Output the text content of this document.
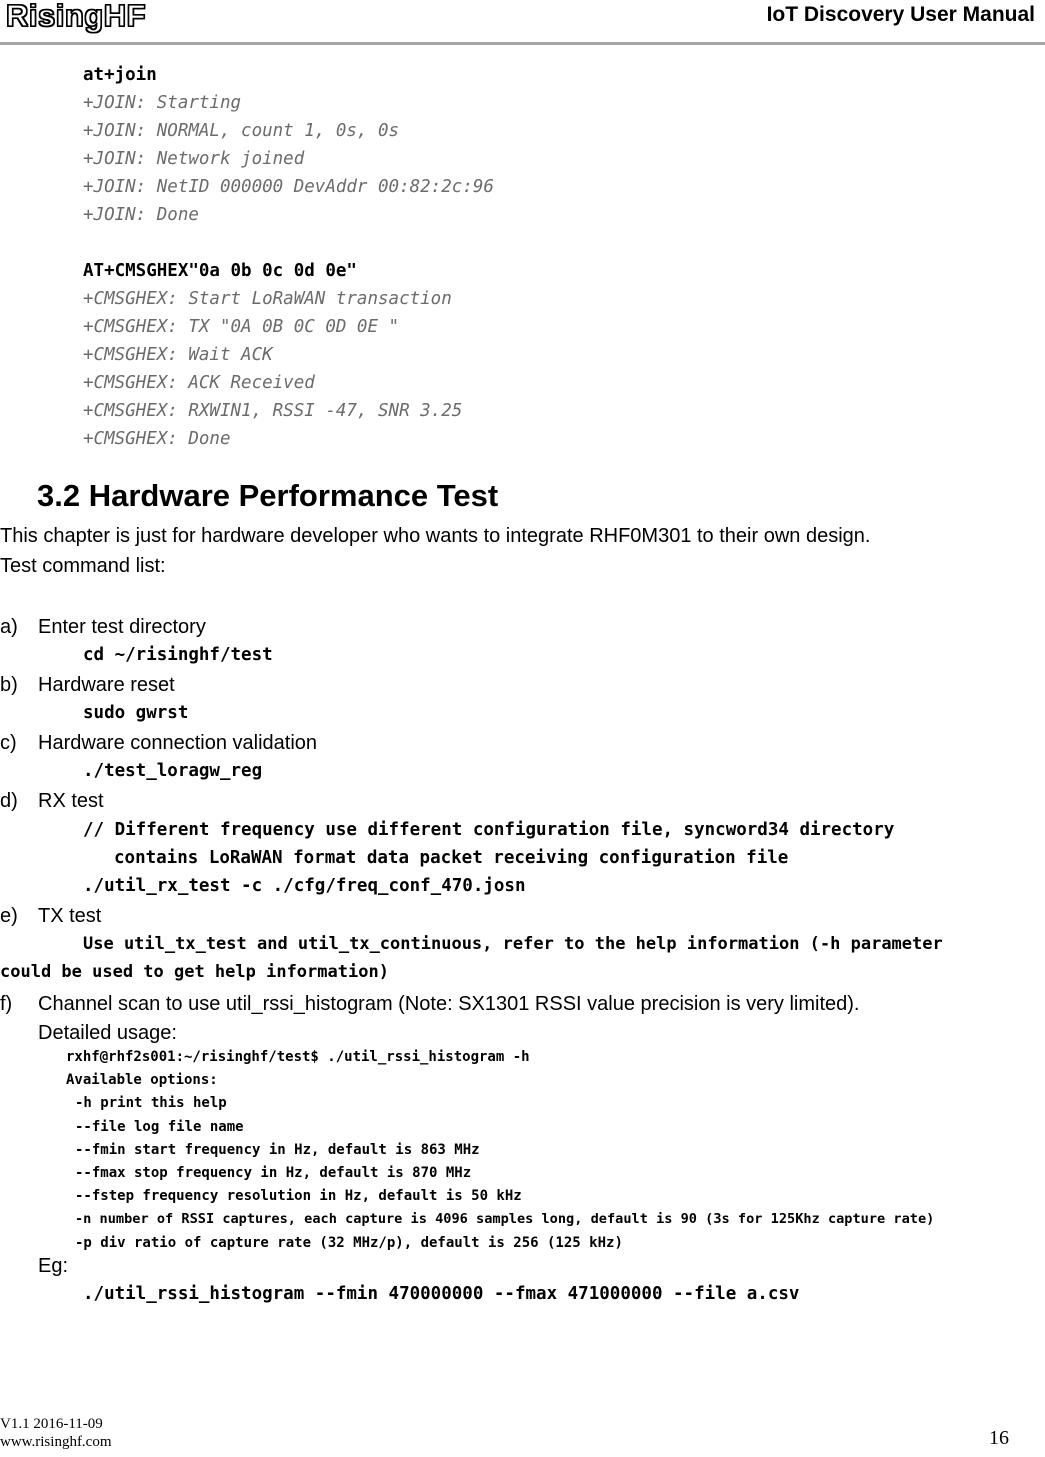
RisingHF	IoT Discovery User Manual
at+join
+JOIN: Starting
+JOIN: NORMAL, count 1, 0s, 0s
+JOIN: Network joined
+JOIN: NetID 000000 DevAddr 00:82:2c:96
+JOIN: Done
AT+CMSGHEX"0a 0b 0c 0d 0e"
+CMSGHEX: Start LoRaWAN transaction
+CMSGHEX: TX "0A 0B 0C 0D 0E "
+CMSGHEX: Wait ACK
+CMSGHEX: ACK Received
+CMSGHEX: RXWIN1, RSSI -47, SNR 3.25
+CMSGHEX: Done
3.2 Hardware Performance Test
This chapter is just for hardware developer who wants to integrate RHF0M301 to their own design.
Test command list:
a) Enter test directory
cd ~/risinghf/test
b) Hardware reset
sudo gwrst
c) Hardware connection validation
./test_loragw_reg
d) RX test
// Different frequency use different configuration file, syncword34 directory
contains LoRaWAN format data packet receiving configuration file
./util_rx_test -c ./cfg/freq_conf_470.josn
e) TX test
Use util_tx_test and util_tx_continuous, refer to the help information (-h parameter
could be used to get help information)
f) Channel scan to use util_rssi_histogram (Note: SX1301 RSSI value precision is very limited).
Detailed usage:
rxhf@rhf2s001:~/risinghf/test$ ./util_rssi_histogram -h
Available options:
-h print this help
--file log file name
--fmin start frequency in Hz, default is 863 MHz
--fmax stop frequency in Hz, default is 870 MHz
--fstep frequency resolution in Hz, default is 50 kHz
-n number of RSSI captures, each capture is 4096 samples long, default is 90 (3s for 125Khz capture rate)
-p div ratio of capture rate (32 MHz/p), default is 256 (125 kHz)
Eg:
./util_rssi_histogram --fmin 470000000 --fmax 471000000 --file a.csv
V1.1 2016-11-09
www.risinghf.com	16
